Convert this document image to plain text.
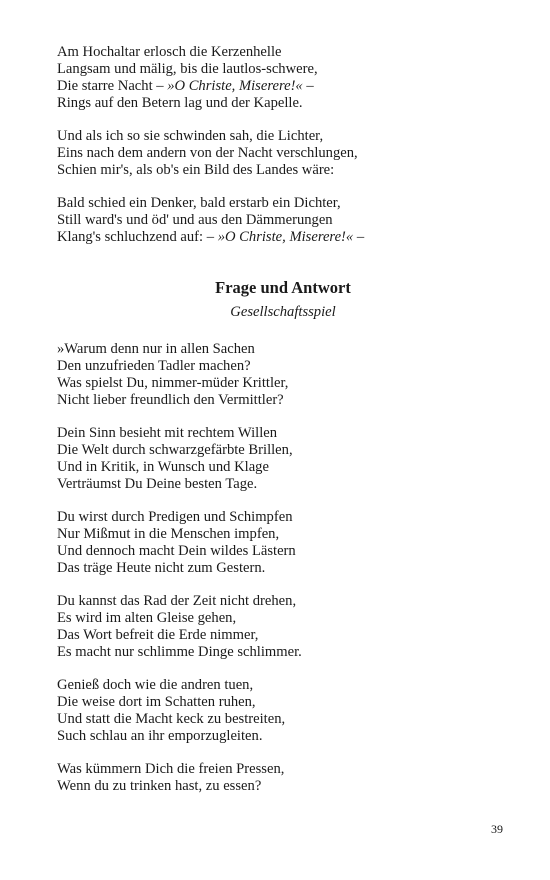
Am Hochaltar erlosch die Kerzenhelle
Langsam und mälig, bis die lautlos-schwere,
Die starre Nacht – »O Christe, Miserere!« –
Rings auf den Betern lag und der Kapelle.
Und als ich so sie schwinden sah, die Lichter,
Eins nach dem andern von der Nacht verschlungen,
Schien mir's, als ob's ein Bild des Landes wäre:
Bald schied ein Denker, bald erstarb ein Dichter,
Still ward's und öd' und aus den Dämmerungen
Klang's schluchzend auf: – »O Christe, Miserere!« –
Frage und Antwort
Gesellschaftsspiel
»Warum denn nur in allen Sachen
Den unzufrieden Tadler machen?
Was spielst Du, nimmer-müder Krittler,
Nicht lieber freundlich den Vermittler?
Dein Sinn besieht mit rechtem Willen
Die Welt durch schwarzgefärbte Brillen,
Und in Kritik, in Wunsch und Klage
Verträumst Du Deine besten Tage.
Du wirst durch Predigen und Schimpfen
Nur Mißmut in die Menschen impfen,
Und dennoch macht Dein wildes Lästern
Das träge Heute nicht zum Gestern.
Du kannst das Rad der Zeit nicht drehen,
Es wird im alten Gleise gehen,
Das Wort befreit die Erde nimmer,
Es macht nur schlimme Dinge schlimmer.
Genieß doch wie die andren tuen,
Die weise dort im Schatten ruhen,
Und statt die Macht keck zu bestreiten,
Such schlau an ihr emporzugleiten.
Was kümmern Dich die freien Pressen,
Wenn du zu trinken hast, zu essen?
39
